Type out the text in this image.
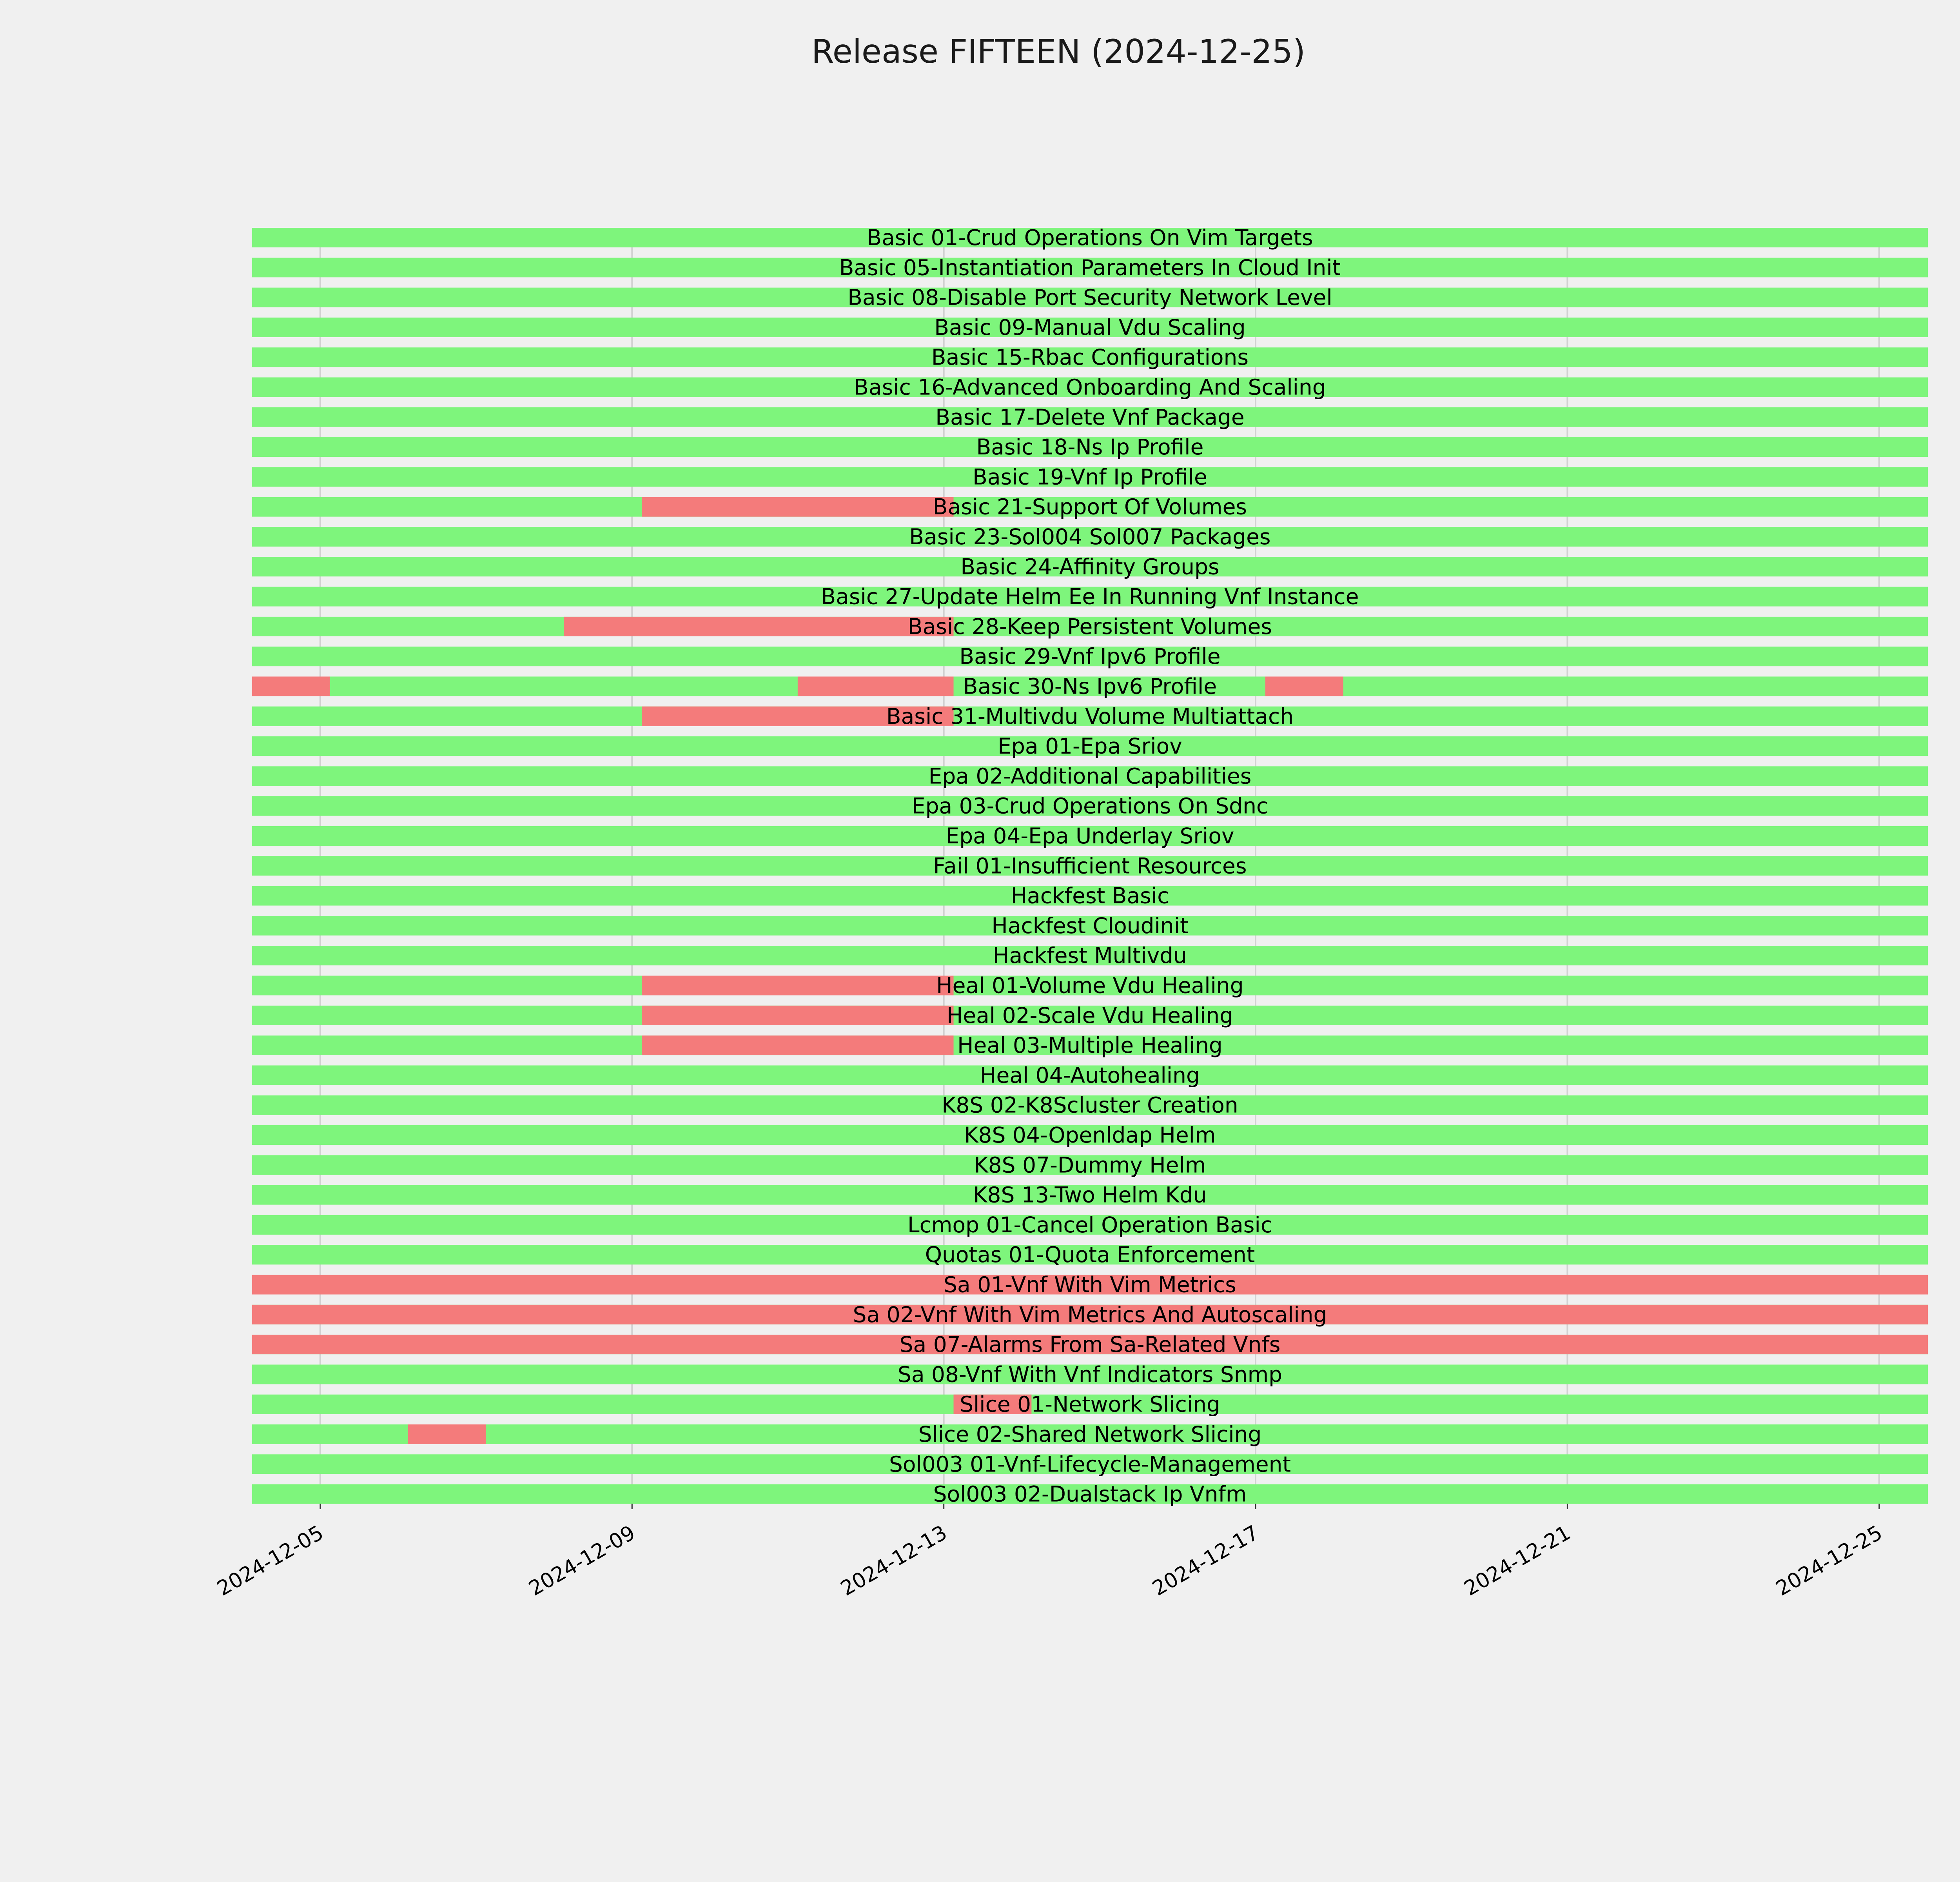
Release FIFTEEN (2024-12-25)
Basic 01-Crud Operations On Vim Targets
Basic 05-Instantiation Parameters In Cloud Init
Basic 08-Disable Port Security Network Level
Basic 09-Manual Vdu Scaling
Basic 15-Rbac Configurations
Basic 16-Advanced Onboarding And Scaling
Basic 17-Delete Vnf Package
Basic 18-Ns Ip Profile
Basic 19-Vnf Ip Profile
Basic 21-Support Of Volumes
Basic 23-Sol004 Sol007 Packages
Basic 24-Affinity Groups
Basic 27-Update Helm Ee In Running Vnf Instance
Basic 28-Keep Persistent Volumes
Basic 29-Vnf Ipv6 Profile
Basic 30-Ns Ipv6 Profile
Basic 31-Multivdu Volume Multiattach
Epa 01-Epa Sriov
Epa 02-Additional Capabilities
Epa 03-Crud Operations On Sdnc
Epa 04-Epa Underlay Sriov
Fail 01-Insufficient Resources
Hackfest Basic
Hackfest Cloudinit
Hackfest Multivdu
Heal 01-Volume Vdu Healing
Heal 02-Scale Vdu Healing
Heal 03-Multiple Healing
Heal 04-Autohealing
K8S 02-K8Scluster Creation
K8S 04-Openldap Helm
K8S 07-Dummy Helm
K8S 13-Two Helm Kdu
Lcmop 01-Cancel Operation Basic
Quotas 01-Quota Enforcement
Sa 01-Vnf With Vim Metrics
Sa 02-Vnf With Vim Metrics And Autoscaling
Sa 07-Alarms From Sa-Related Vnfs
Sa 08-Vnf With Vnf Indicators Snmp
Slice 01-Network Slicing
Slice 02-Shared Network Slicing
Sol003 01-Vnf-Lifecycle-Management
Sol003 02-Dualstack Ip Vnfm
2024-12-05	2024-12-09	2024-12-13	2024-12-17	2024-12-21	2024-12-25
